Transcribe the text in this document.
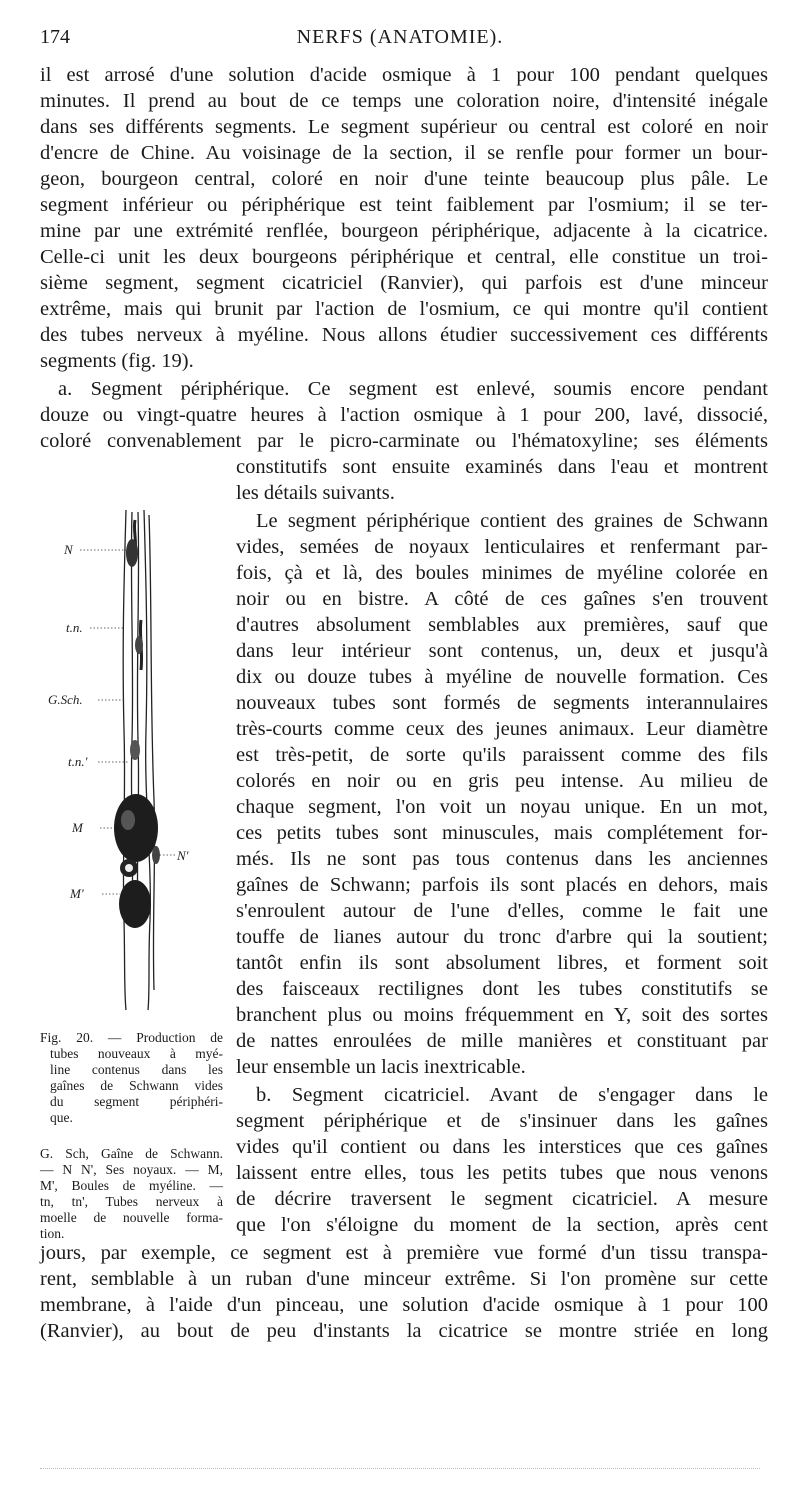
174	NERFS (ANATOMIE).
il est arrosé d'une solution d'acide osmique à 1 pour 100 pendant quelques
minutes. Il prend au bout de ce temps une coloration noire, d'intensité inégale
dans ses différents segments. Le segment supérieur ou central est coloré en noir
d'encre de Chine. Au voisinage de la section, il se renfle pour former un bour-
geon, bourgeon central, coloré en noir d'une teinte beaucoup plus pâle. Le
segment inférieur ou périphérique est teint faiblement par l'osmium; il se ter-
mine par une extrémité renflée, bourgeon périphérique, adjacente à la cicatrice.
Celle-ci unit les deux bourgeons périphérique et central, elle constitue un troi-
sième segment, segment cicatriciel (Ranvier), qui parfois est d'une minceur
extrême, mais qui brunit par l'action de l'osmium, ce qui montre qu'il contient
des tubes nerveux à myéline. Nous allons étudier successivement ces différents
segments (fig. 19).
a. Segment périphérique. Ce segment est enlevé, soumis encore pendant
douze ou vingt-quatre heures à l'action osmique à 1 pour 200, lavé, dissocié,
coloré convenablement par le picro-carminate ou l'hématoxyline; ses éléments
constitutifs sont ensuite examinés dans l'eau et montrent
les détails suivants.
Le segment périphérique contient des graines de Schwann
vides, semées de noyaux lenticulaires et renfermant par-
fois, çà et là, des boules minimes de myéline colorée en
noir ou en bistre. A côté de ces gaînes s'en trouvent
d'autres absolument semblables aux premières, sauf que
dans leur intérieur sont contenus, un, deux et jusqu'à
dix ou douze tubes à myéline de nouvelle formation. Ces
nouveaux tubes sont formés de segments interannulaires
très-courts comme ceux des jeunes animaux. Leur diamètre
est très-petit, de sorte qu'ils paraissent comme des fils
colorés en noir ou en gris peu intense. Au milieu de
chaque segment, l'on voit un noyau unique. En un mot,
ces petits tubes sont minuscules, mais complétement for-
més. Ils ne sont pas tous contenus dans les anciennes
gaînes de Schwann; parfois ils sont placés en dehors, mais
s'enroulent autour de l'une d'elles, comme le fait une
touffe de lianes autour du tronc d'arbre qui la soutient;
tantôt enfin ils sont absolument libres, et forment soit
des faisceaux rectilignes dont les tubes constitutifs se
branchent plus ou moins fréquemment en Y, soit des sortes
de nattes enroulées de mille manières et constituant par
leur ensemble un lacis inextricable.
b. Segment cicatriciel. Avant de s'engager dans le
segment périphérique et de s'insinuer dans les gaînes
vides qu'il contient ou dans les interstices que ces gaînes
laissent entre elles, tous les petits tubes que nous venons
de décrire traversent le segment cicatriciel. A mesure
que l'on s'éloigne du moment de la section, après cent
jours, par exemple, ce segment est à première vue formé d'un tissu transpa-
rent, semblable à un ruban d'une minceur extrême. Si l'on promène sur cette
membrane, à l'aide d'un pinceau, une solution d'acide osmique à 1 pour 100
(Ranvier), au bout de peu d'instants la cicatrice se montre striée en long
N
t.n.
G.Sch.
t.n.'
M
N'
M'
Fig. 20. — Production de
tubes nouveaux à myé-
line contenus dans les
gaînes de Schwann vides
du segment périphéri-
que.
G. Sch, Gaîne de Schwann.
— N N', Ses noyaux. — M,
M', Boules de myéline. —
tn, tn', Tubes nerveux à
moelle de nouvelle forma-
tion.
